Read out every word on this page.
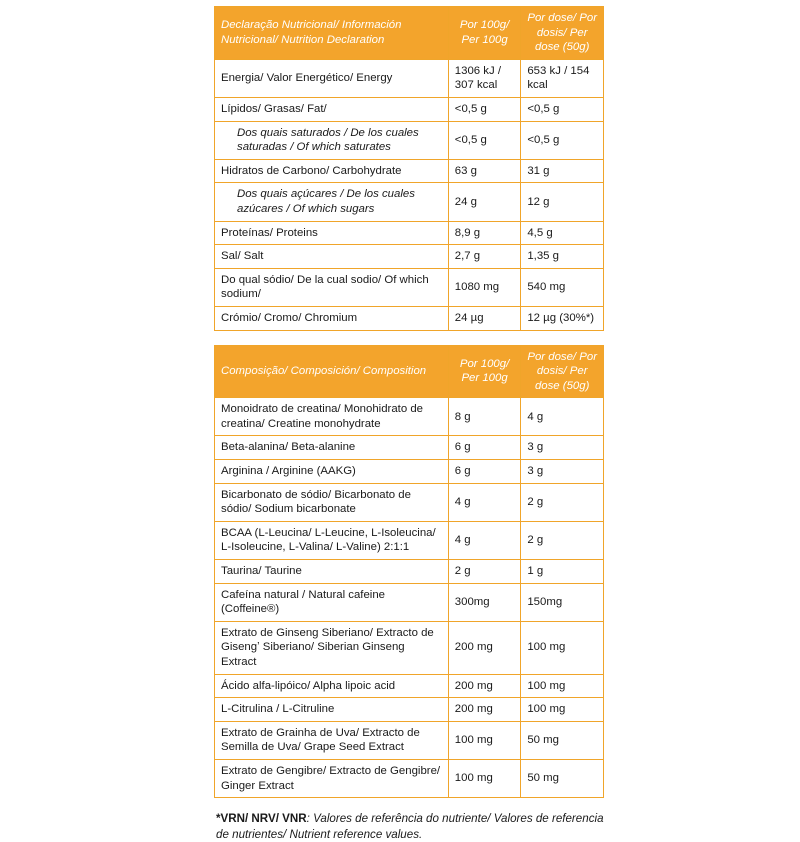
Declaração Nutricional/ Información Nutricional/ Nutrition Declaration	Por 100g/ Per 100g	Por dose/ Por dosis/ Per dose (50g)
Energia/ Valor Energético/ Energy	1306 kJ / 307 kcal	653 kJ / 154 kcal
Lípidos/ Grasas/ Fat/	<0,5 g	<0,5 g
Dos quais saturados / De los cuales saturadas / Of which saturates	<0,5 g	<0,5 g
Hidratos de Carbono/ Carbohydrate	63 g	31 g
Dos quais açúcares / De los cuales azúcares / Of which sugars	24 g	12 g
Proteínas/ Proteins	8,9 g	4,5 g
Sal/ Salt	2,7 g	1,35 g
Do qual sódio/ De la cual sodio/ Of which sodium/	1080 mg	540 mg
Crómio/ Cromo/ Chromium	24 µg	12 µg (30%*)
Composição/ Composición/ Composition	Por 100g/ Per 100g	Por dose/ Por dosis/ Per dose (50g)
Monoidrato de creatina/ Monohidrato de creatina/ Creatine monohydrate	8 g	4 g
Beta-alanina/ Beta-alanine	6 g	3 g
Arginina / Arginine (AAKG)	6 g	3 g
Bicarbonato de sódio/ Bicarbonato de sódio/ Sodium bicarbonate	4 g	2 g
BCAA (L-Leucina/ L-Leucine, L-Isoleucina/ L-Isoleucine, L-Valina/ L-Valine) 2:1:1	4 g	2 g
Taurina/ Taurine	2 g	1 g
Cafeína natural / Natural cafeine (Coffeine®)	300mg	150mg
Extrato de Ginseng Siberiano/ Extracto de Gisengʼ Siberiano/ Siberian Ginseng Extract	200 mg	100 mg
Ácido alfa-lipóico/ Alpha lipoic acid	200 mg	100 mg
L-Citrulina / L-Citruline	200 mg	100 mg
Extrato de Grainha de Uva/ Extracto de Semilla de Uva/ Grape Seed Extract	100 mg	50 mg
Extrato de Gengibre/ Extracto de Gengibre/ Ginger Extract	100 mg	50 mg
*VRN/ NRV/ VNR: Valores de referência do nutriente/ Valores de referencia de nutrientes/ Nutrient reference values.
